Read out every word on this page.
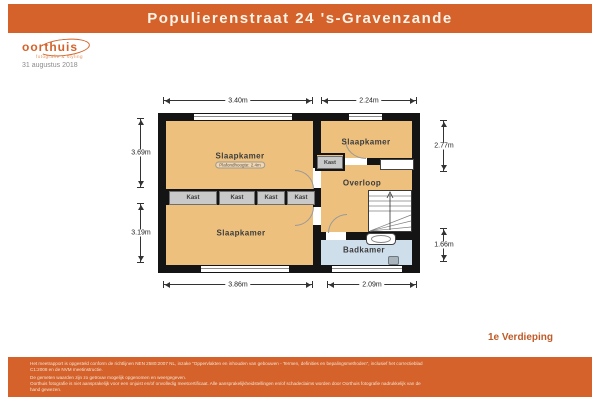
Populierenstraat 24 's-Gravenzande
oorthuis
fotografie & styling
31 augustus 2018
Kast	Kast	Kast	Kast
Kast
Slaapkamer
Plafondhoogte: 2.4m
Slaapkamer
Overloop
Slaapkamer
Badkamer
3.40m	2.24m
3.86m	2.09m
3.69m
3.19m
2.77m
1.66m
1e Verdieping

Het meetrapport is opgesteld conform de richtlijnen NEN 2580:2007 NL, inzake "Oppervlakten en inhouden van gebouwen - Termen, definities en bepalingsmethoden", inclusief het correctieblad C1:2008 en de NVM meetinstructie.

De gemeten waarden zijn zo getrouw mogelijk opgenomen en weergegeven.

Oorthuis fotografie is niet aansprakelijk voor een onjuist en/of onvolledig meetcertificaat. Alle aansprakelijkheidstellingen en/of schadeclaims worden door Oorthuis fotografie nadrukkelijk van de hand gewezen.
